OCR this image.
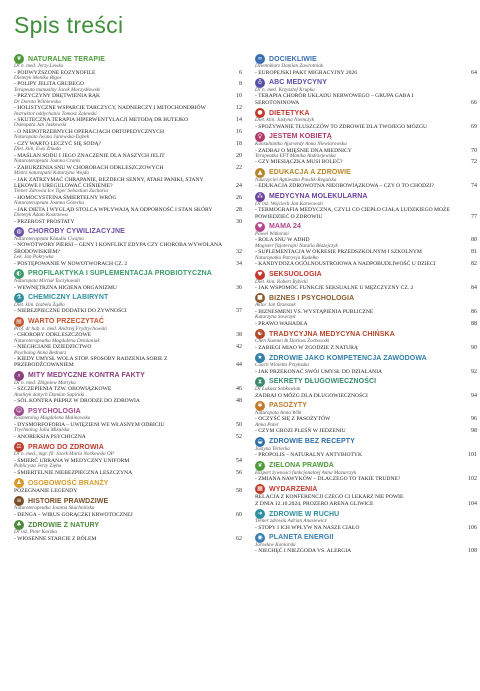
Spis treści
❦ NATURALNE TERAPIE
Dr n. med. Jerzy Lewko
- PODWYŻSZONE EOZYNOFILE	6
Dietetyk Monika Bigoś
- POLIPY JELITA GRUBEGO	8
Terapeuta manualny Jacek Moczydłowski
- PRZYCZYNY DRĘTWIENIA RĄK	10
Dr Dorota Wilniewska
- HOLISTYCZNE WSPARCIE TARCZYCY, NADNERCZY I MITOCHONDRIÓW	12
Instruktor oddychania Tomasz Zalewski
- SKUTECZNA TERAPIA HIPERWENTYLACJI METODĄ DR BUTEJKO	14
Osteopata Jan Jaśkowski
- O NIEPOTRZEBNYCH OPERACJACH ORTOPEDYCZNYCH	16
Naturopata Iwona Janowska-Dąbek
- CZY WARTO LECZYĆ SIĘ SODĄ?	18
Diet. klin. Ewa Żmuda
- MAŚLAN SODU I JEGO ZNACZENIE DLA NASZYCH JELIT	20
Naturoterapeuta Joanna Cranis
- ZABURZENIA SNU W CHOROBACH ODKLESZCZOWYCH	22
Mistrz naturopatii Katarzyna Wojda
- JAK ZATRZYMAĆ CHRAPANIE, BEZDECH SENNY, ATAKI PANIKI, STANY LĘKOWE I UREGULOWAĆ CIŚNIENIE?	24
Trener Zdrowia Ice Tiger Sebastian Zacharia
- HOMOCYSTEINA ŚMIERTELNY WRÓG	26
Naturoterapeuta Joanna Górecka
- JAK DIETA I WYGLĄD STOLCA WPŁYWAJĄ NA ODPORNOŚĆ I STAN SKÓRY	28
Dietetyk Adam Kostrzewa
- PRZEROST PROSTATY	30
◍ CHOROBY CYWILIZACYJNE
Naturoterapeuta Klaudia Cwajna
- NOWOTWORY PIERSI – GENY I KONFLIKT EDYPA CZY CHOROBA WYWOŁANA ŚRODOWISKIEM?	32
Lek. Jan Pokrywka
- POSTĘPOWANIE W NOWOTWORACH CZ. 2	34
◐ PROFILAKTYKA I SUPLEMENTACJA PROBIOTYCZNA
Naturopata Michał Toczyłowski
- WEWNĘTRZNA HIGIENA ORGANIZMU	36
⚗ CHEMICZNY LABIRYNT
Diet. klin. Izabela Żądło
- NIEBEZPIECZNE DODATKI DO ŻYWNOŚCI	37
▤ WARTO PRZECZYTAĆ
Prof. dr hab. n. med. Andrzej Frydrychowski
- CHOROBY ODKLESZCZOWE	38
Naturoterapeutka Magdalena Demianiak
- NIECHCIANE DZIEDZICTWO	42
Psycholog Anna Bednarz
- KIEDY UMYSŁ WOLA STOP. SPOSOBY RADZENIA SOBIE Z PRZEBODŹCOWANIEM	44
⌕	MITY MEDYCZNE KONTRA FAKTY
Dr n. med. Zbigniew Martyka
- SZCZEPIENIA TZW. OBOWIĄZKOWE	46
Analityk danych Damian Sapiński
- SÓL KONTRA PIEPRZ W DRODZE DO ZDROWIA	48
☺ PSYCHOLOGIA
Kosmetolog Magdalena Malinowska
- DYSMORFOFOBIA – UWIĘZIENI WE WŁASNYM ODBICIU	50
Trychnolog Julia Mikulska
- ANOREKSJA PSYCHICZNA	52
⚖ PRAWO DO ZDROWIA
Dr n. med., mgr. fil. Jacek Maria Norkowski OP
- ŚMIERĆ UBRANA W MEDYCZNY UNIFORM	54
Publicysta Jerzy Zięba
- ŚMIERTELNIE NIEBEZPIECZNA LESZCZYNA	56
♟ OSOBOWOŚĆ BRANŻY
POŻEGNANIE LEGENDY	58
≡ HISTORIE PRAWDZIWE
Naturoterapeutka Joanna Skuchnińska
- DENGA – WIRUS GORĄCZKI KRWOTOCZNEJ	60
♣ ZDROWIE Z NATURY
Dr inż. Piotr Kaczka
- WIOSENNE STARCIE Z BÓLEM	62
∞ DOCIEKLIWIE
Dziennikarz Damian Zawrotniak
- EUROPEJSKI PAKT MIGRACYJNY 2026	64
♁ ABC MEDYCYNY
Dr n. med. Krzysztof Krupka
- TERAPIA CHORÓB UKŁADU NERWOWEGO – GRUPA GABA I SEROTONINOWA	66
● DIETETYKA
Diet. klin. Justyna Niemczyk
- SPOŻYWANIE TŁUSZCZÓW TO ZDROWIE DLA TWOJEGO MÓZGU	69
♀ JESTEM KOBIETĄ
Konsultantka Ajurwedy Anna Niewiarowska
- ZADBAJ O MIĘŚNIE DNA MIEDNICY	70
Terapeutka EFT Monika Andrzejewska
- CZY MIESIĄCZKA MUSI BOLEĆ?	72
▲ EDUKACJA A ZDROWIE
Nauczyciel Agnieszka Pawlik-Regulska
- EDUKACJA ZDROWOTNA NIEOBOWIĄZKOWA – CZY O TO CHODZI?	74
⁂ MEDYCYNA MOLEKULARNA
Dr inż. Wojciech Jan Karwowski
- TERMOGRAFIA MEDYCZNA, CZYLI CO CIEPŁO CIAŁA LUDZKIEGO MOŻE POWIEDZIEĆ O ZDROWIU	77
♥ MAMA 24
Paweł Witkorski
- ROLA SNU W ADHD	80
Magister fizjoterapii Natalia Błażejczyk
- SUPLEMENTACJA W OKRESIE PRZEDSZKOLNYM I SZKOLNYM	81
Naturopatka Patrycja Kudełko
- KANDYDOZA OGÓLNOUSTROJOWA A NADPOBUDLIWOŚĆ U DZIECI	82
♥ SEKSUOLOGIA
Diet. klin. Robert Rybicki
- JAK WSPOMÓC FUNKCJE SEKSUALNE U MĘŻCZYZNY CZ. 2	84
■ BIZNES I PSYCHOLOGIA
Aktor Jan Orzeszak
- BIZNESMENI VS. WYSTĄPIENIA PUBLICZNE	86
Katarzyna Sowczyk
- PRAWO WAHADŁA	88
☯ TRADYCYJNA MEDYCYNA CHIŃSKA
Chen Xuemei & Dariusz Żochowski
- ZABIEGI MIAO W ZGODZIE Z NATURĄ	90
★ ZDROWIE JAKO KOMPETENCJA ZAWODOWA
Coach Wioletta Przyłuska
- JAK PRZEKONAĆ SWÓJ UMYSŁ DO DZIAŁANIA	92
⧗ SEKRETY DŁUGOWIECZNOŚCI
Dr Łukasz Sobkowiak
ZADBAJ O MÓZG DLA DŁUGOWIECZNOŚCI	94
✱ PASOŻYTY
Naturopata Anna Wilk
- OCZYŚĆ SIĘ Z PASOŻYTÓW	96
Anna Pater
- CZYM GROZI PLEŚŃ W JEDZENIU	98
◒ ZDROWIE BEZ RECEPTY
Justyna Terlecka
- PROPOLIS – NATURALNY ANTYBIOTYK	101
❦ ZIELONA PRAWDA
Ekspert żywności funkcjonalnej Anna Mazurczyk
- ZMIANA NAWYKÓW – DLACZEGO TO TAKIE TRUDNE?	102
▦ WYDARZENIA
RELACJA Z KONFERENCJI CZEGO CI LEKARZ NIE POWIE
Z DNIA 12.10.2024, PROZERO ARENA GLIWICE	104
➜ ZDROWIE W RUCHU
Trener zdrowia Adrian Anasiewicz
- STOPY I ICH WPŁYW NA NASZE CIAŁO	106
◉ PLANETA ENERGII
Jarosław Koniarski
- NIECHĘĆ I NIEZGODA VS. ALERGIA	108
